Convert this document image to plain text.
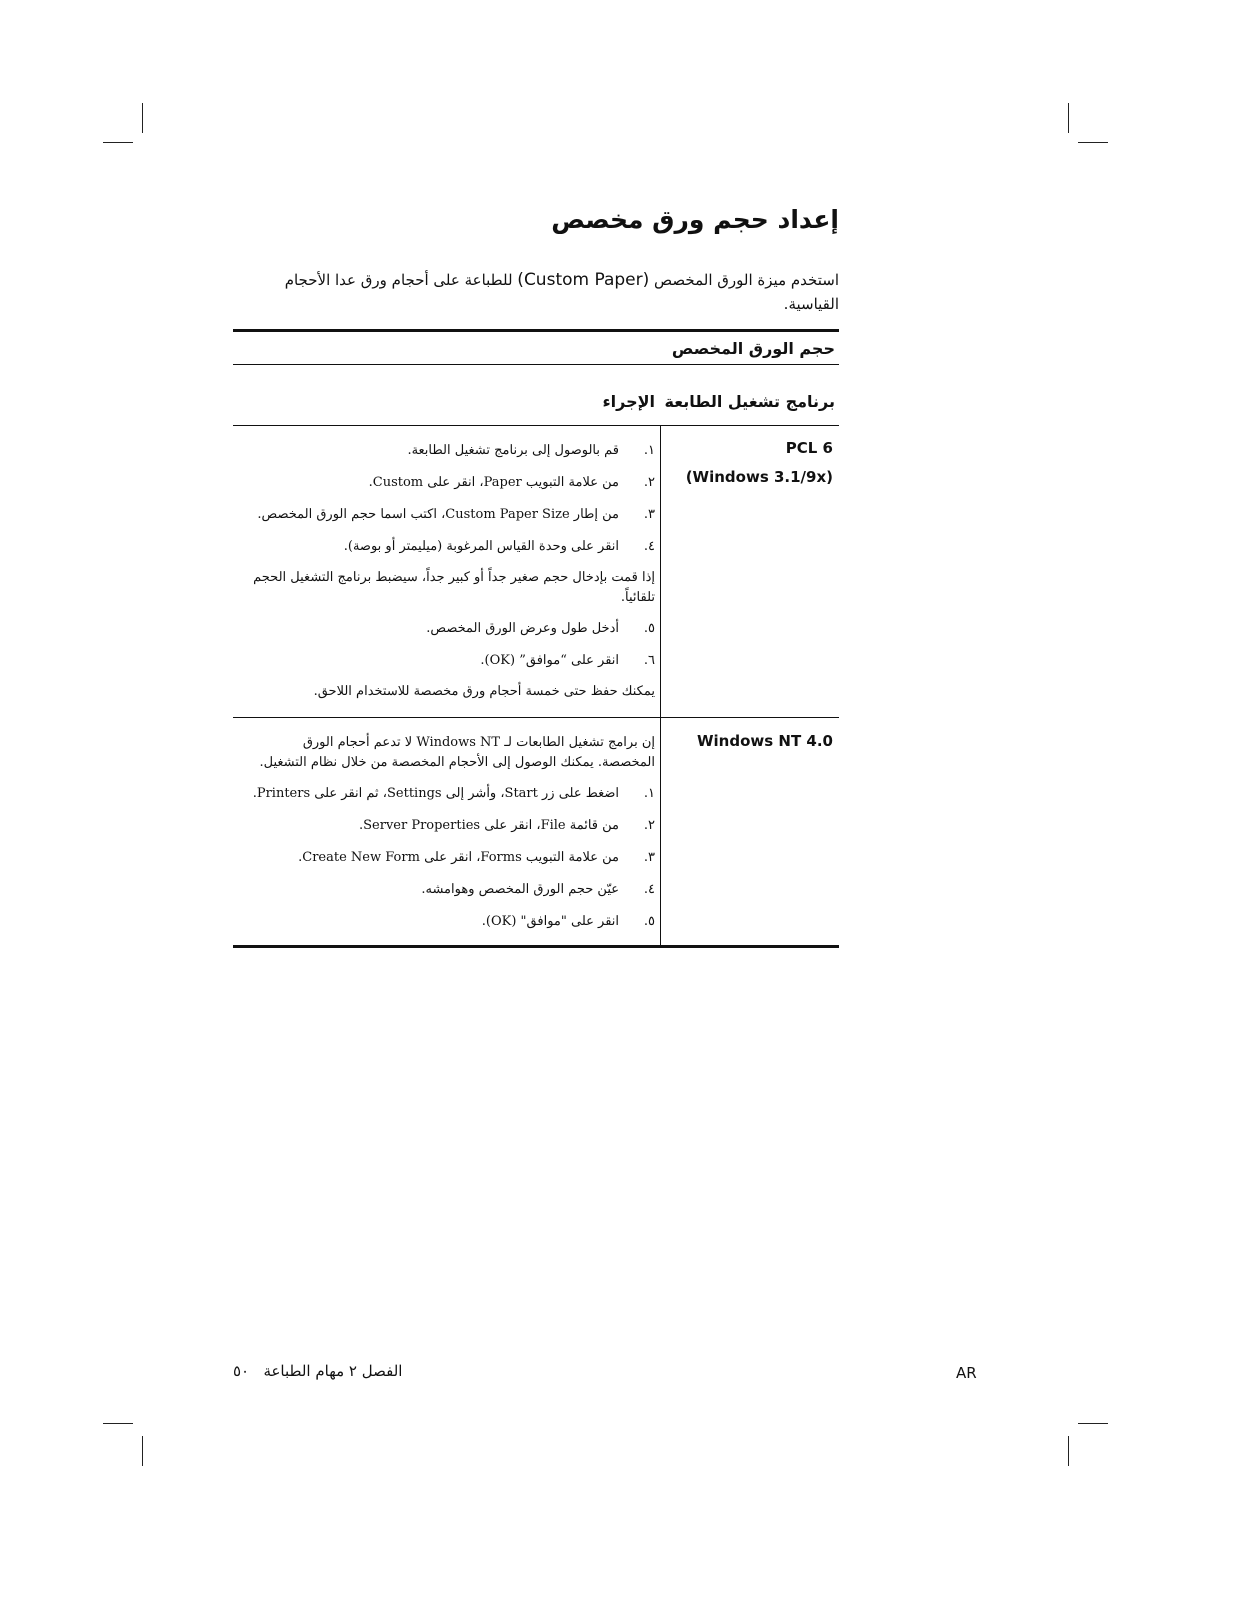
إعداد حجم ورق مخصص
استخدم ميزة الورق المخصص (Custom Paper) للطباعة على أحجام ورق عدا الأحجام القياسية.
حجم الورق المخصص
برنامج تشغيل الطابعة
الإجراء
PCL 6
(Windows 3.1/9x)
١.
قم بالوصول إلى برنامج تشغيل الطابعة.
٢.
من علامة التبويب Paper، انقر على Custom.
٣.
من إطار Custom Paper Size، اكتب اسما حجم الورق المخصص.
٤.
انقر على وحدة القياس المرغوبة (ميليمتر أو بوصة).
إذا قمت بإدخال حجم صغير جداً أو كبير جداً، سيضبط برنامج التشغيل الحجم تلقائياً.
٥.
أدخل طول وعرض الورق المخصص.
٦.
انقر على “موافق” (OK).
يمكنك حفظ حتى خمسة أحجام ورق مخصصة للاستخدام اللاحق.
Windows NT 4.0
إن برامج تشغيل الطابعات لـ Windows NT لا تدعم أحجام الورق المخصصة. يمكنك الوصول إلى الأحجام المخصصة من خلال نظام التشغيل.
١.
اضغط على زر Start، وأشر إلى Settings، ثم انقر على Printers.
٢.
من قائمة File، انقر على Server Properties.
٣.
من علامة التبويب Forms، انقر على Create New Form.
٤.
عيّن حجم الورق المخصص وهوامشه.
٥.
انقر على "موافق" (OK).
الفصل ٢ مهام الطباعة   ٥٠	AR
